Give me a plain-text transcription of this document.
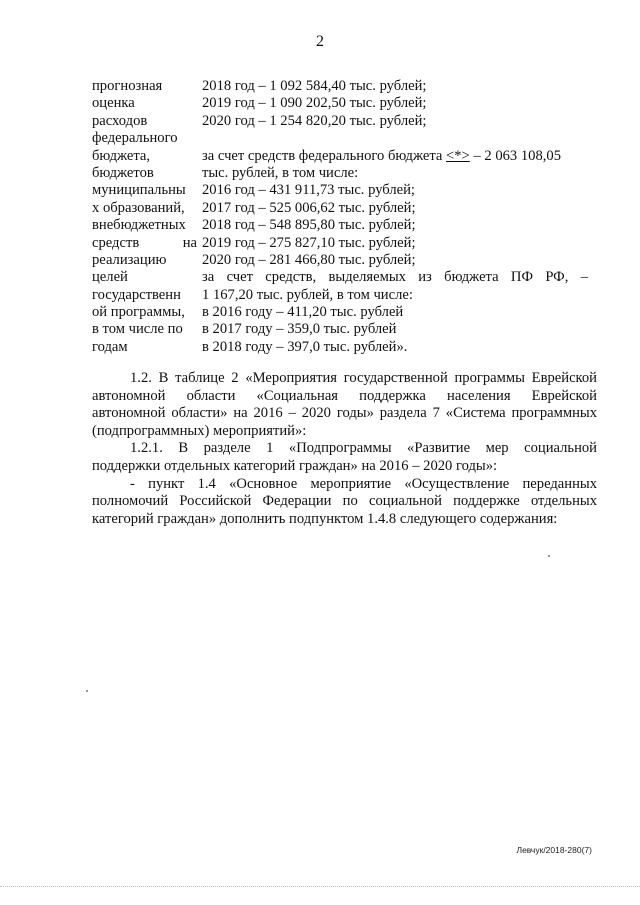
2
прогнозная
оценка
расходов
федерального
бюджета,
бюджетов
муниципальны
х образований,
внебюджетных
средств на
реализацию
целей
государственн
ой программы,
в том числе по
годам
2018 год – 1 092 584,40 тыс. рублей;
2019 год – 1 090 202,50 тыс. рублей;
2020 год – 1 254 820,20 тыс. рублей;
за счет средств федерального бюджета <*> – 2 063 108,05
тыс. рублей, в том числе:
2016 год – 431 911,73 тыс. рублей;
2017 год – 525 006,62 тыс. рублей;
2018 год – 548 895,80 тыс. рублей;
2019 год – 275 827,10 тыс. рублей;
2020 год – 281 466,80 тыс. рублей;
за счет средств, выделяемых из бюджета ПФ РФ, –
1 167,20 тыс. рублей, в том числе:
в 2016 году – 411,20 тыс. рублей
в 2017 году – 359,0 тыс. рублей
в 2018 году – 397,0 тыс. рублей».
1.2. В таблице 2 «Мероприятия государственной программы Еврейской
автономной области «Социальная поддержка населения Еврейской
автономной области» на 2016 – 2020 годы» раздела 7 «Система программных
(подпрограммных) мероприятий»:
1.2.1. В разделе 1 «Подпрограммы «Развитие мер социальной
поддержки отдельных категорий граждан» на 2016 – 2020 годы»:
- пункт 1.4 «Основное мероприятие «Осуществление переданных
полномочий Российской Федерации по социальной поддержке отдельных
категорий граждан» дополнить подпунктом 1.4.8 следующего содержания:
Левчук/2018-280(7)
